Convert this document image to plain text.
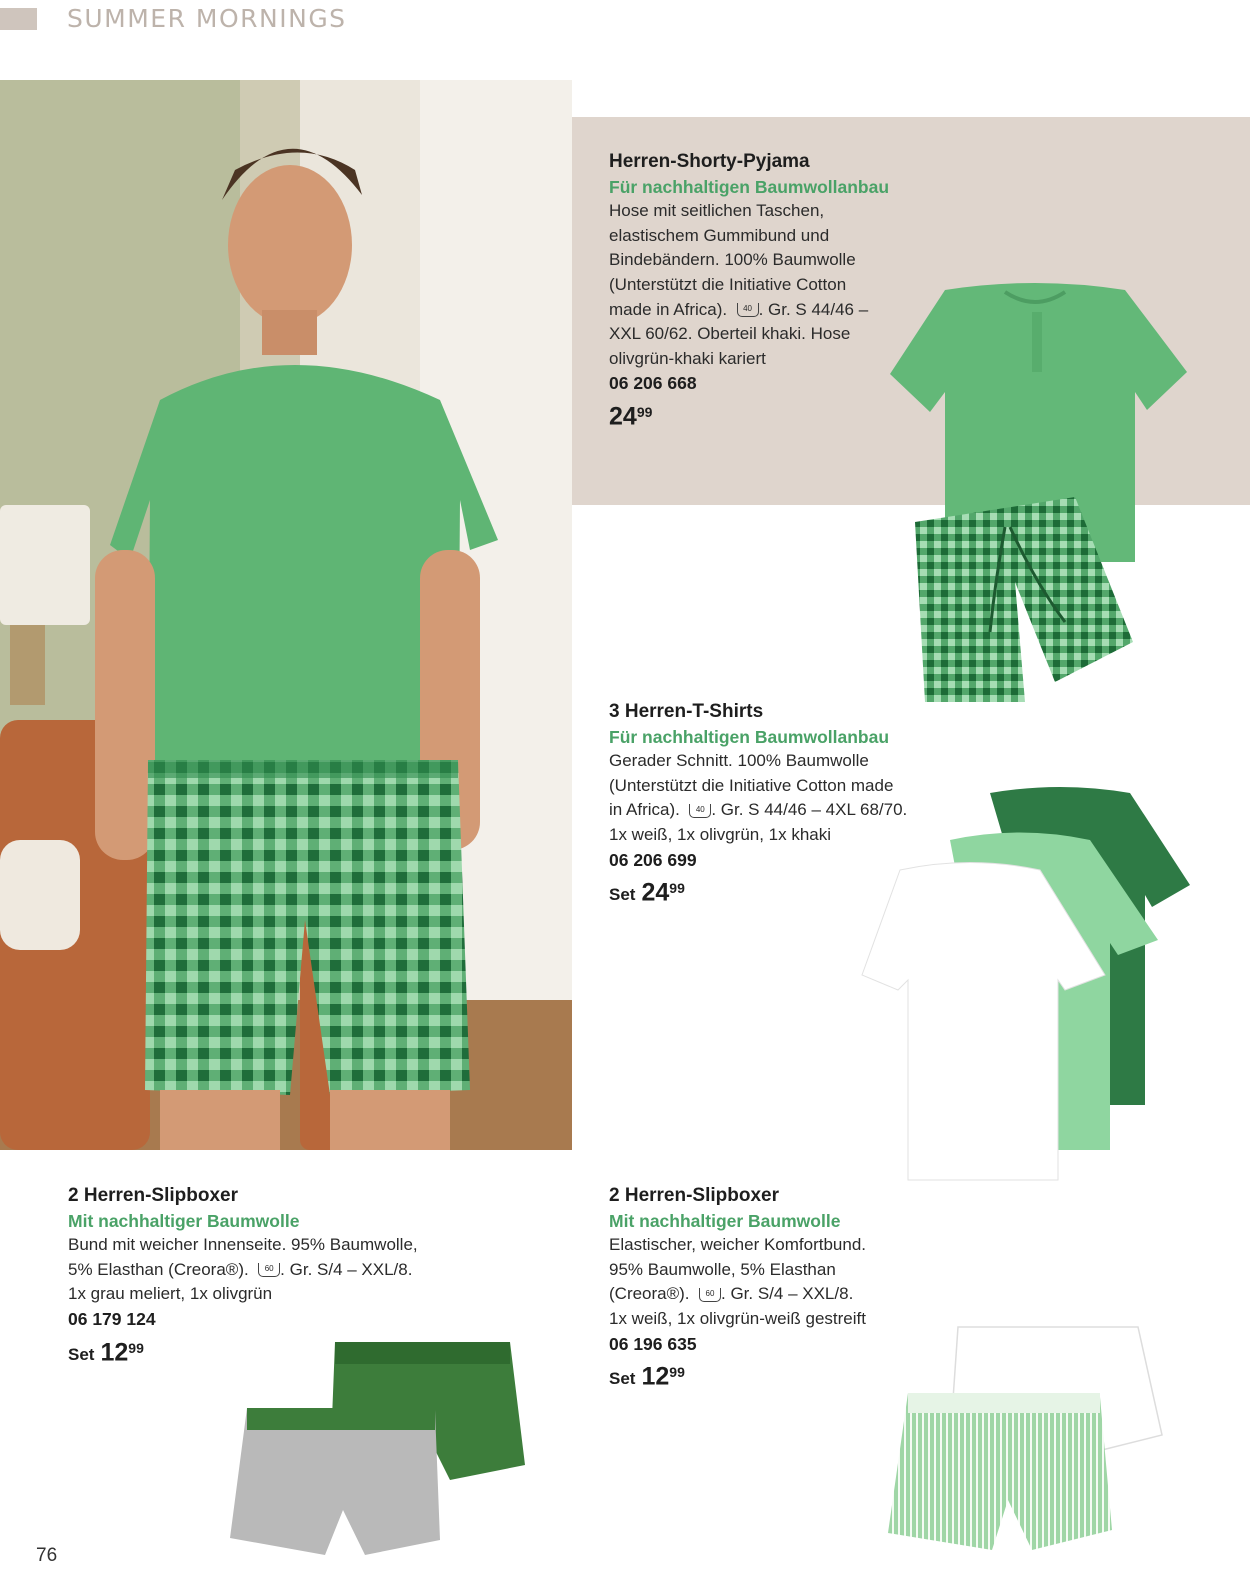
SUMMER MORNINGS
Herren-Shorty-Pyjama
Für nachhaltigen Baumwollanbau
Hose mit seitlichen Taschen,
elastischem Gummibund und
Bindebändern. 100% Baumwolle
(Unterstützt die Initiative Cotton
made in Africa). 40 . Gr. S 44/46 –
XXL 60/62. Oberteil khaki. Hose
olivgrün-khaki kariert
06 206 668
$24^{99}$
3 Herren-T-Shirts
Für nachhaltigen Baumwollanbau
Gerader Schnitt. 100% Baumwolle
(Unterstützt die Initiative Cotton made
in Africa). 40 . Gr. S 44/46 – 4XL 68/70.
1x weiß, 1x olivgrün, 1x khaki
06 206 699
Set $24^{99}$
2 Herren-Slipboxer
Mit nachhaltiger Baumwolle
Bund mit weicher Innenseite. 95% Baumwolle,
5% Elasthan (Creora®). 60 . Gr. S/4 – XXL/8.
1x grau meliert, 1x olivgrün
06 179 124
Set $12^{99}$
2 Herren-Slipboxer
Mit nachhaltiger Baumwolle
Elastischer, weicher Komfortbund.
95% Baumwolle, 5% Elasthan
(Creora®). 60 . Gr. S/4 – XXL/8.
1x weiß, 1x olivgrün-weiß gestreift
06 196 635
Set $12^{99}$
76
